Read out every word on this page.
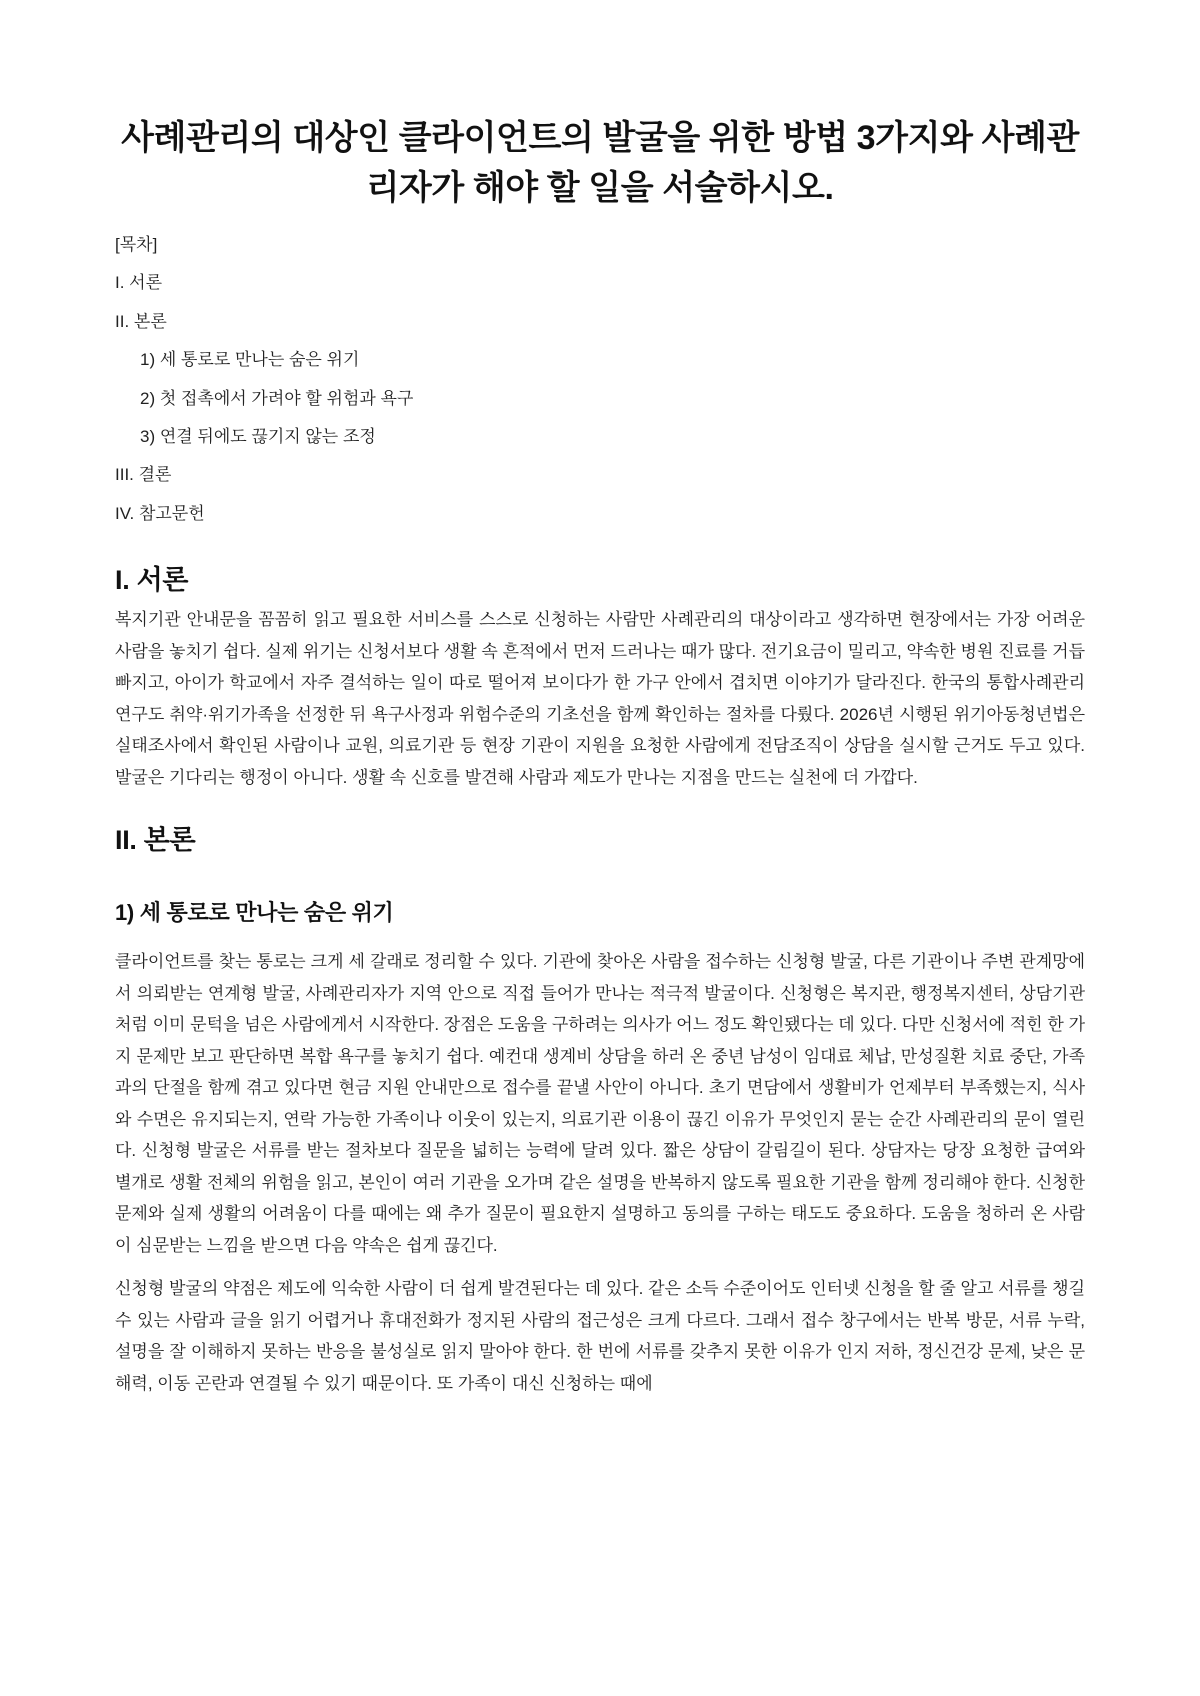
사례관리의 대상인 클라이언트의 발굴을 위한 방법 3가지와 사례관리자가 해야 할 일을 서술하시오.

[목차]

I. 서론

II. 본론

1) 세 통로로 만나는 숨은 위기

2) 첫 접촉에서 가려야 할 위험과 욕구

3) 연결 뒤에도 끊기지 않는 조정

III. 결론

IV. 참고문헌

I. 서론

복지기관 안내문을 꼼꼼히 읽고 필요한 서비스를 스스로 신청하는 사람만 사례관리의 대상이라고 생각하면 현장에서는 가장 어려운 사람을 놓치기 쉽다. 실제 위기는 신청서보다 생활 속 흔적에서 먼저 드러나는 때가 많다. 전기요금이 밀리고, 약속한 병원 진료를 거듭 빠지고, 아이가 학교에서 자주 결석하는 일이 따로 떨어져 보이다가 한 가구 안에서 겹치면 이야기가 달라진다. 한국의 통합사례관리 연구도 취약·위기가족을 선정한 뒤 욕구사정과 위험수준의 기초선을 함께 확인하는 절차를 다뤘다. 2026년 시행된 위기아동청년법은 실태조사에서 확인된 사람이나 교원, 의료기관 등 현장 기관이 지원을 요청한 사람에게 전담조직이 상담을 실시할 근거도 두고 있다. 발굴은 기다리는 행정이 아니다. 생활 속 신호를 발견해 사람과 제도가 만나는 지점을 만드는 실천에 더 가깝다.

II. 본론
1) 세 통로로 만나는 숨은 위기

클라이언트를 찾는 통로는 크게 세 갈래로 정리할 수 있다. 기관에 찾아온 사람을 접수하는 신청형 발굴, 다른 기관이나 주변 관계망에서 의뢰받는 연계형 발굴, 사례관리자가 지역 안으로 직접 들어가 만나는 적극적 발굴이다. 신청형은 복지관, 행정복지센터, 상담기관처럼 이미 문턱을 넘은 사람에게서 시작한다. 장점은 도움을 구하려는 의사가 어느 정도 확인됐다는 데 있다. 다만 신청서에 적힌 한 가지 문제만 보고 판단하면 복합 욕구를 놓치기 쉽다. 예컨대 생계비 상담을 하러 온 중년 남성이 임대료 체납, 만성질환 치료 중단, 가족과의 단절을 함께 겪고 있다면 현금 지원 안내만으로 접수를 끝낼 사안이 아니다. 초기 면담에서 생활비가 언제부터 부족했는지, 식사와 수면은 유지되는지, 연락 가능한 가족이나 이웃이 있는지, 의료기관 이용이 끊긴 이유가 무엇인지 묻는 순간 사례관리의 문이 열린다. 신청형 발굴은 서류를 받는 절차보다 질문을 넓히는 능력에 달려 있다. 짧은 상담이 갈림길이 된다. 상담자는 당장 요청한 급여와 별개로 생활 전체의 위험을 읽고, 본인이 여러 기관을 오가며 같은 설명을 반복하지 않도록 필요한 기관을 함께 정리해야 한다. 신청한 문제와 실제 생활의 어려움이 다를 때에는 왜 추가 질문이 필요한지 설명하고 동의를 구하는 태도도 중요하다. 도움을 청하러 온 사람이 심문받는 느낌을 받으면 다음 약속은 쉽게 끊긴다.

신청형 발굴의 약점은 제도에 익숙한 사람이 더 쉽게 발견된다는 데 있다. 같은 소득 수준이어도 인터넷 신청을 할 줄 알고 서류를 챙길 수 있는 사람과 글을 읽기 어렵거나 휴대전화가 정지된 사람의 접근성은 크게 다르다. 그래서 접수 창구에서는 반복 방문, 서류 누락, 설명을 잘 이해하지 못하는 반응을 불성실로 읽지 말아야 한다. 한 번에 서류를 갖추지 못한 이유가 인지 저하, 정신건강 문제, 낮은 문해력, 이동 곤란과 연결될 수 있기 때문이다. 또 가족이 대신 신청하는 때에
